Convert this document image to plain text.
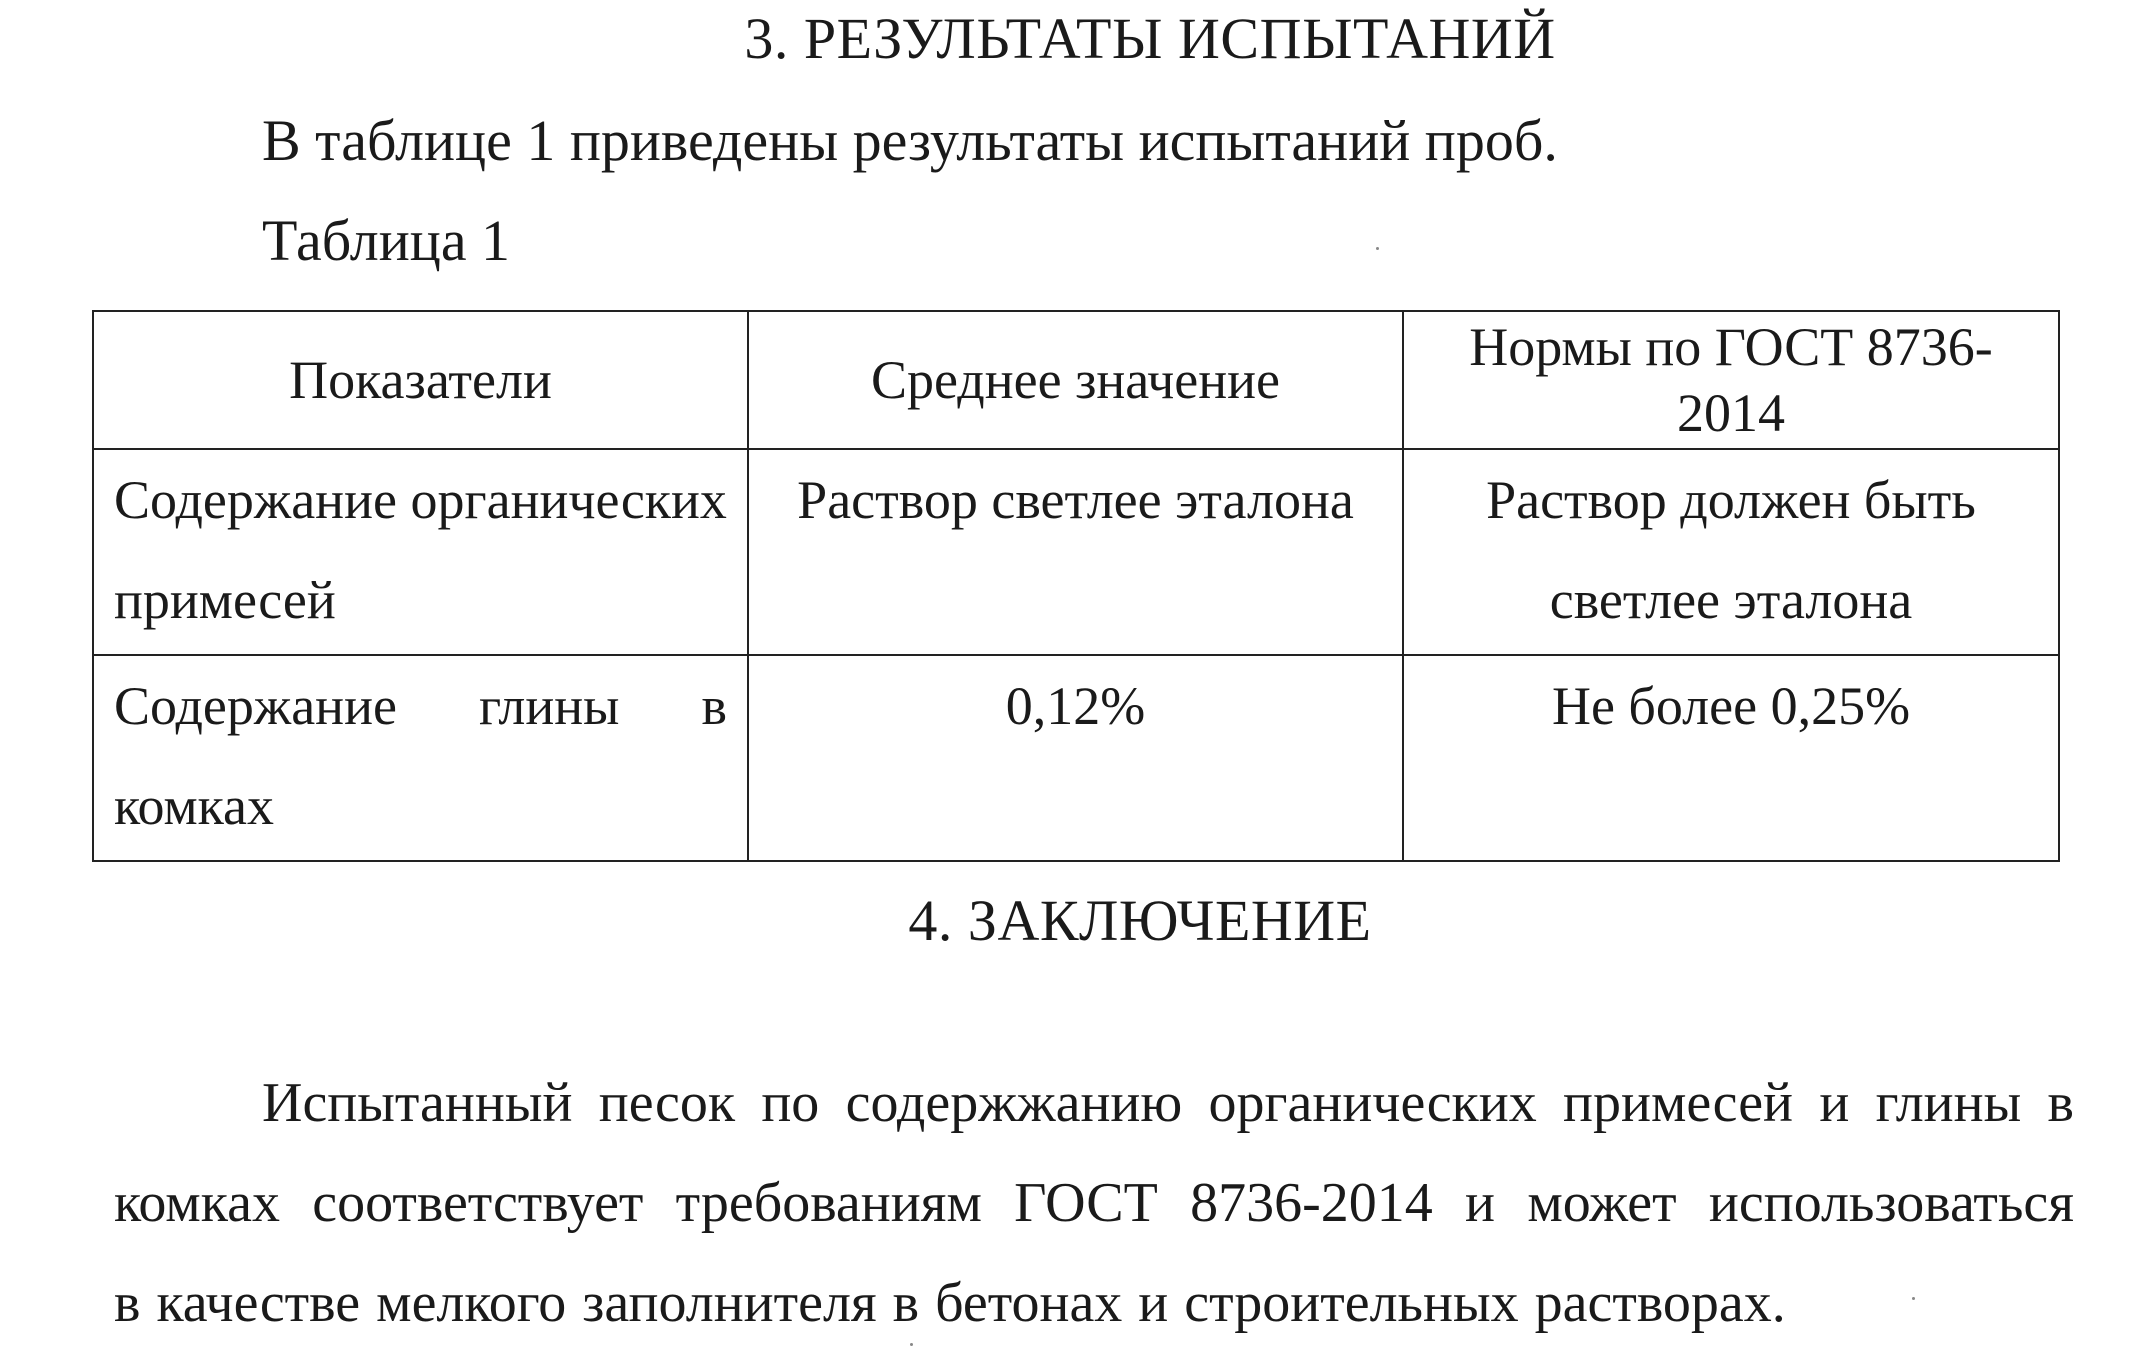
3. РЕЗУЛЬТАТЫ ИСПЫТАНИЙ
В таблице 1 приведены результаты испытаний проб.
Таблица 1
Показатели	Среднее значение	Нормы по ГОСТ 8736-2014
Содержание органических примесей	Раствор светлее эталона	Раствор должен быть светлее эталона
Содержание глины в комках	0,12%	Не более 0,25%
4. ЗАКЛЮЧЕНИЕ
Испытанный песок по содержжанию органических примесей и глины в
комках соответствует требованиям ГОСТ 8736-2014 и может использоваться
в качестве мелкого заполнителя в бетонах и строительных растворах.
